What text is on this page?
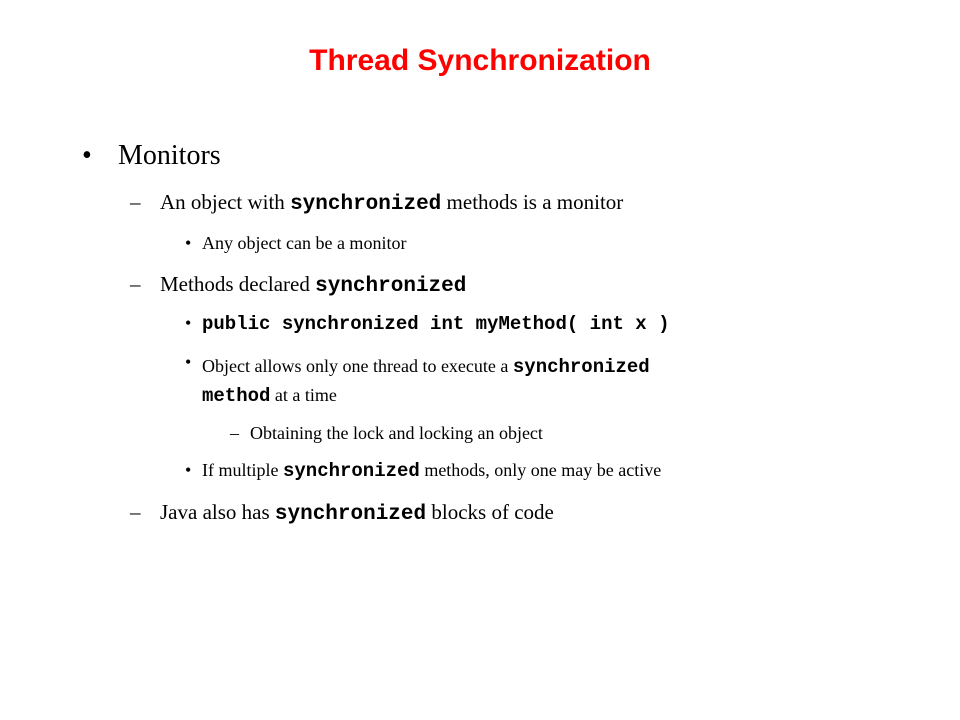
Thread Synchronization
• Monitors
– An object with synchronized methods is a monitor
• Any object can be a monitor
– Methods declared synchronized
• public synchronized int myMethod( int x )
• Object allows only one thread to execute a synchronized
method at a time
– Obtaining the lock and locking an object
• If multiple synchronized methods, only one may be active
– Java also has synchronized blocks of code
